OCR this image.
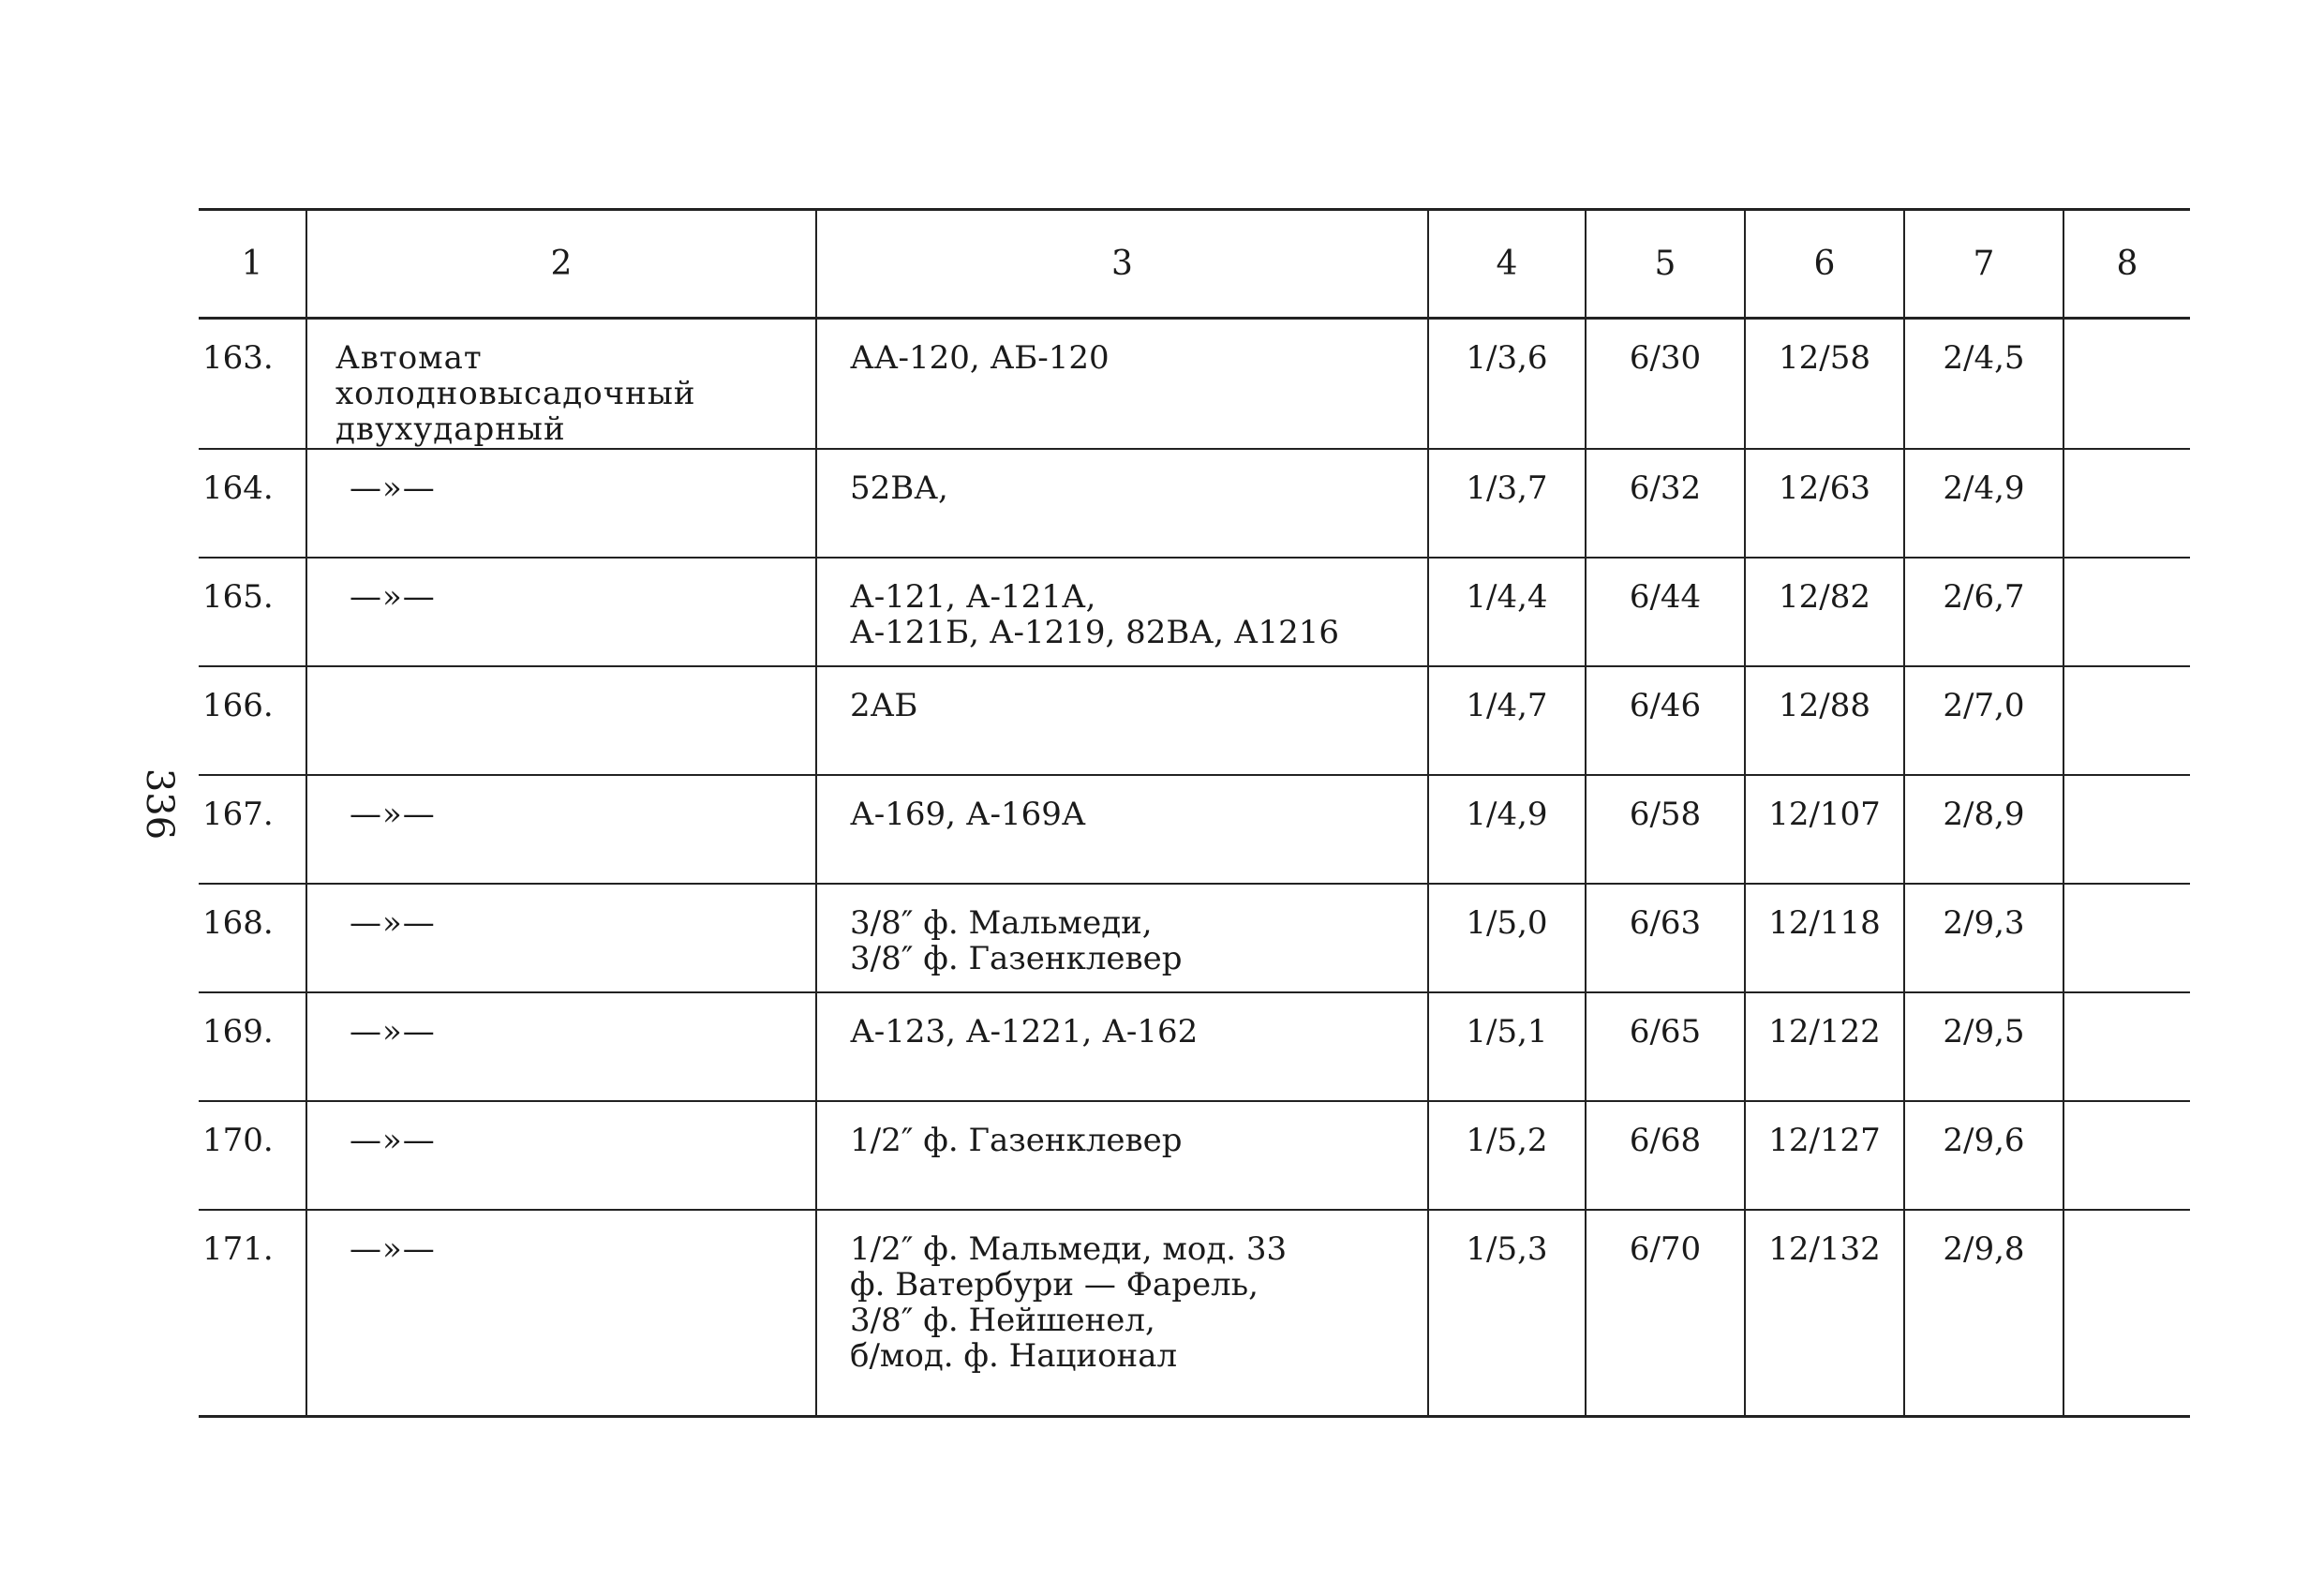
336
1	2	3	4	5	6	7	8
163.	Автомат холодновысадочный двухударный	АА-120, АБ-120	1/3,6	6/30	12/58	2/4,5	
164.	—»—	52ВА,	1/3,7	6/32	12/63	2/4,9	
165.	—»—	А-121, А-121А,
А-121Б, А-1219, 82ВА, А1216	1/4,4	6/44	12/82	2/6,7	
166.		2АБ	1/4,7	6/46	12/88	2/7,0	
167.	—»—	А-169, А-169А	1/4,9	6/58	12/107	2/8,9	
168.	—»—	3/8″ ф. Мальмеди,
3/8″ ф. Газенклевер	1/5,0	6/63	12/118	2/9,3	
169.	—»—	А-123, А-1221, А-162	1/5,1	6/65	12/122	2/9,5	
170.	—»—	1/2″ ф. Газенклевер	1/5,2	6/68	12/127	2/9,6	
171.	—»—	1/2″ ф. Мальмеди, мод. 33
ф. Ватербури — Фарель,
3/8″ ф. Нейшенел,
б/мод. ф. Национал	1/5,3	6/70	12/132	2/9,8	
